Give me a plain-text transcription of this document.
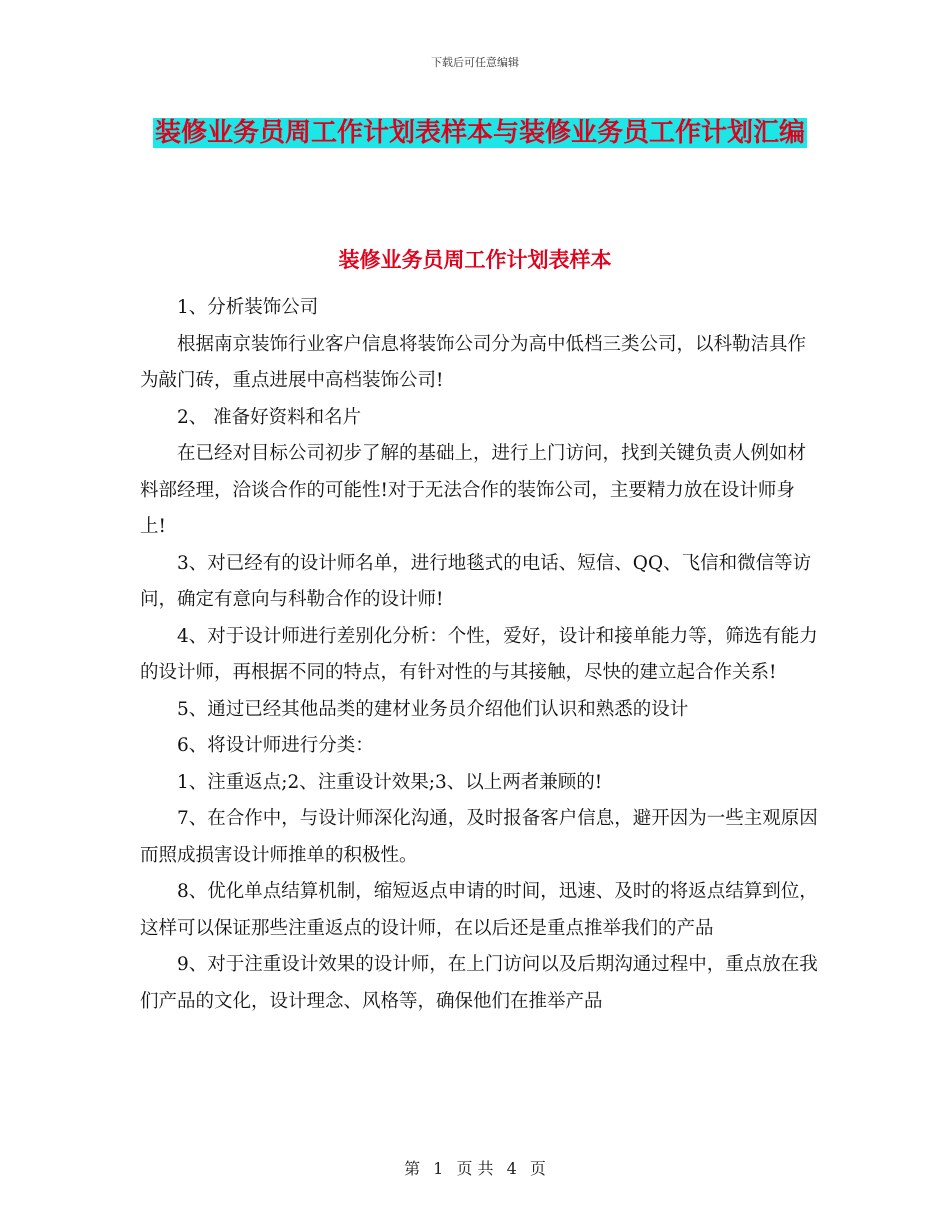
下载后可任意编辑
装修业务员周工作计划表样本与装修业务员工作计划汇编
装修业务员周工作计划表样本

1、分析装饰公司

根据南京装饰行业客户信息将装饰公司分为高中低档三类公司，以科勒洁具作为敲门砖，重点进展中高档装饰公司!

2、 准备好资料和名片

在已经对目标公司初步了解的基础上，进行上门访问，找到关键负责人例如材料部经理，洽谈合作的可能性!对于无法合作的装饰公司，主要精力放在设计师身上!

3、对已经有的设计师名单，进行地毯式的电话、短信、QQ、飞信和微信等访问，确定有意向与科勒合作的设计师!

4、对于设计师进行差别化分析：个性，爱好，设计和接单能力等，筛选有能力的设计师，再根据不同的特点，有针对性的与其接触，尽快的建立起合作关系!

5、通过已经其他品类的建材业务员介绍他们认识和熟悉的设计

6、将设计师进行分类：

1、注重返点;2、注重设计效果;3、以上两者兼顾的!

7、在合作中，与设计师深化沟通，及时报备客户信息，避开因为一些主观原因而照成损害设计师推单的积极性。

8、优化单点结算机制，缩短返点申请的时间，迅速、及时的将返点结算到位，这样可以保证那些注重返点的设计师，在以后还是重点推举我们的产品

9、对于注重设计效果的设计师，在上门访问以及后期沟通过程中，重点放在我们产品的文化，设计理念、风格等，确保他们在推举产品

第 1 页 共 4 页
